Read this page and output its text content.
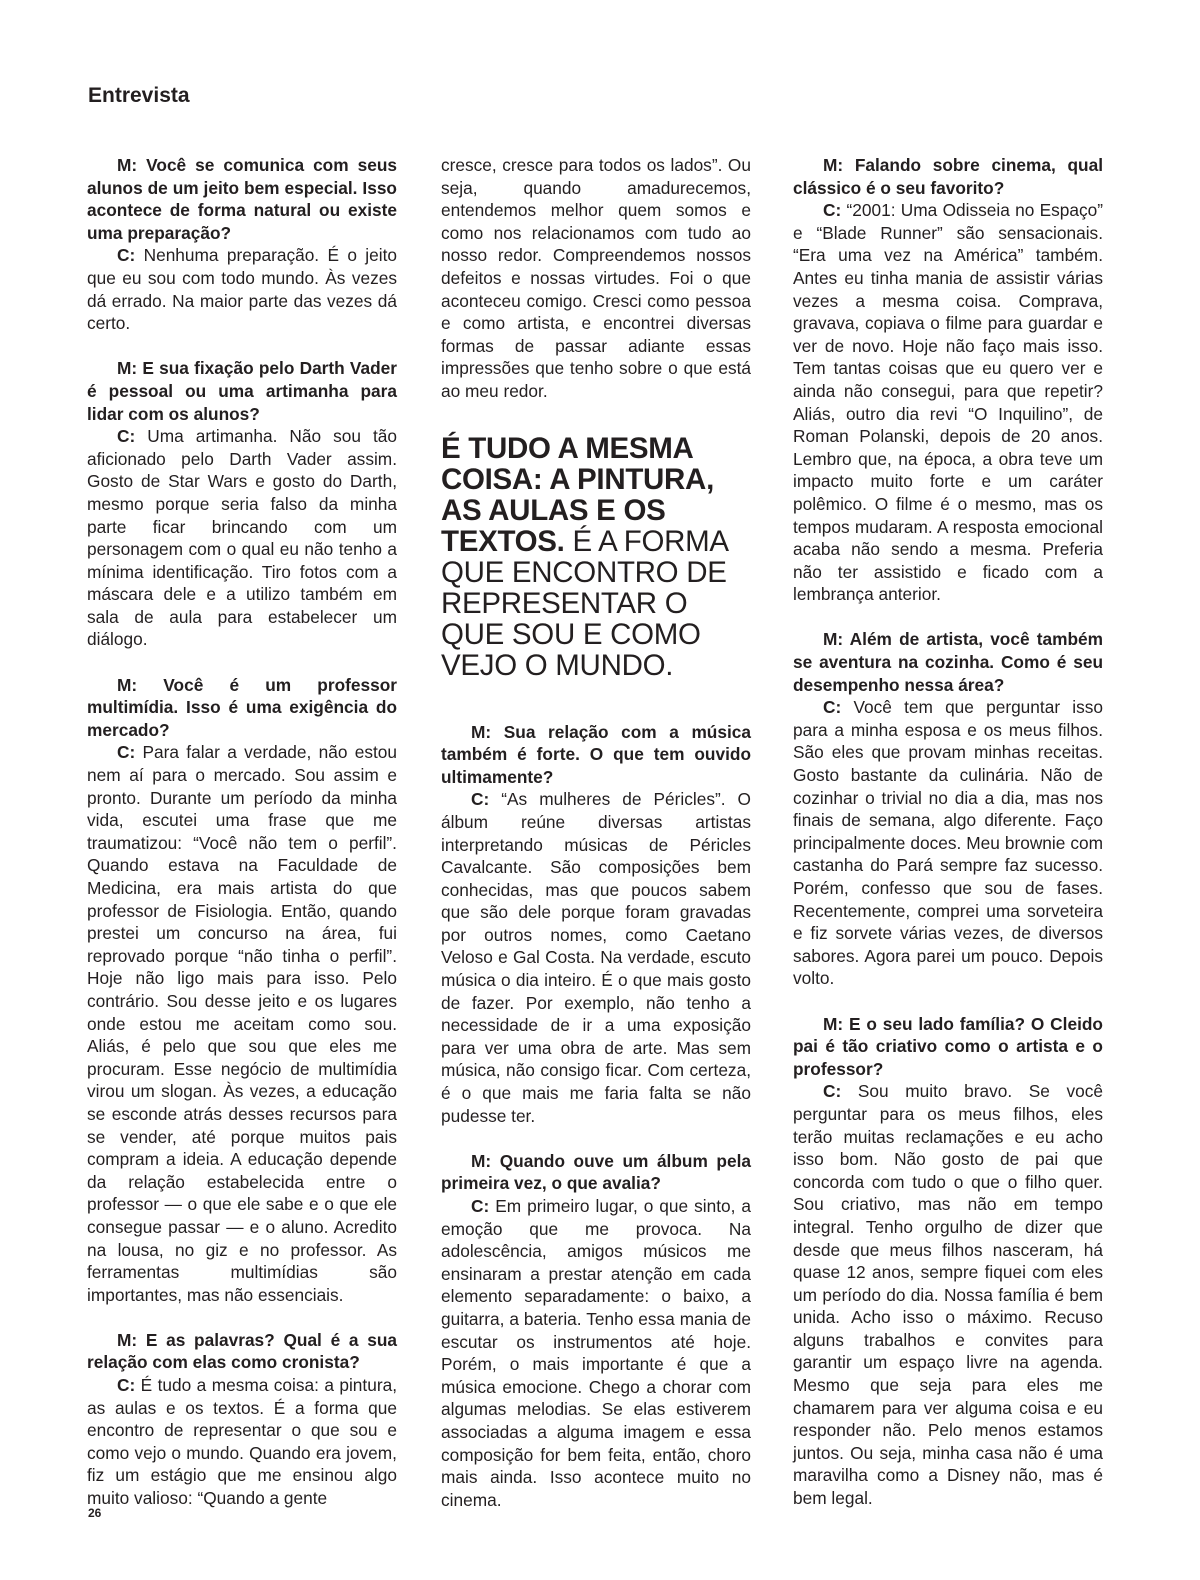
Entrevista

M: Você se comunica com seus alunos de um jeito bem especial. Isso acontece de forma natural ou existe uma preparação?

C: Nenhuma preparação. É o jeito que eu sou com todo mundo. Às vezes dá errado. Na maior parte das vezes dá certo.

M: E sua fixação pelo Darth Vader é pessoal ou uma artimanha para lidar com os alunos?

C: Uma artimanha. Não sou tão aficionado pelo Darth Vader assim. Gosto de Star Wars e gosto do Darth, mesmo porque seria falso da minha parte ficar brincando com um personagem com o qual eu não tenho a mínima identificação. Tiro fotos com a máscara dele e a utilizo também em sala de aula para estabelecer um diálogo.

M: Você é um professor multimídia. Isso é uma exigência do mercado?

C: Para falar a verdade, não estou nem aí para o mercado. Sou assim e pronto. Durante um período da minha vida, escutei uma frase que me traumatizou: “Você não tem o perfil”. Quando estava na Faculdade de Medicina, era mais artista do que professor de Fisiologia. Então, quando prestei um concurso na área, fui reprovado porque “não tinha o perfil”. Hoje não ligo mais para isso. Pelo contrário. Sou desse jeito e os lugares onde estou me aceitam como sou. Aliás, é pelo que sou que eles me procuram. Esse negócio de multimídia virou um slogan. Às vezes, a educação se esconde atrás desses recursos para se vender, até porque muitos pais compram a ideia. A educação depende da relação estabelecida entre o professor — o que ele sabe e o que ele consegue passar — e o aluno. Acredito na lousa, no giz e no professor. As ferramentas multimídias são importantes, mas não essenciais.

M: E as palavras? Qual é a sua relação com elas como cronista?

C: É tudo a mesma coisa: a pintura, as aulas e os textos. É a forma que encontro de representar o que sou e como vejo o mundo. Quando era jovem, fiz um estágio que me ensinou algo muito valioso: “Quando a gente

cresce, cresce para todos os lados”. Ou seja, quando amadurecemos, entendemos melhor quem somos e como nos relacionamos com tudo ao nosso redor. Compreendemos nossos defeitos e nossas virtudes. Foi o que aconteceu comigo. Cresci como pessoa e como artista, e encontrei diversas formas de passar adiante essas impressões que tenho sobre o que está ao meu redor.

É TUDO A MESMA COISA: A PINTURA, AS AULAS E OS TEXTOS. É A FORMA QUE ENCONTRO DE REPRESENTAR O QUE SOU E COMO VEJO O MUNDO.

M: Sua relação com a música também é forte. O que tem ouvido ultimamente?

C: “As mulheres de Péricles”. O álbum reúne diversas artistas interpretando músicas de Péricles Cavalcante. São composições bem conhecidas, mas que poucos sabem que são dele porque foram gravadas por outros nomes, como Caetano Veloso e Gal Costa. Na verdade, escuto música o dia inteiro. É o que mais gosto de fazer. Por exemplo, não tenho a necessidade de ir a uma exposição para ver uma obra de arte. Mas sem música, não consigo ficar. Com certeza, é o que mais me faria falta se não pudesse ter.

M: Quando ouve um álbum pela primeira vez, o que avalia?

C: Em primeiro lugar, o que sinto, a emoção que me provoca. Na adolescência, amigos músicos me ensinaram a prestar atenção em cada elemento separadamente: o baixo, a guitarra, a bateria. Tenho essa mania de escutar os instrumentos até hoje. Porém, o mais importante é que a música emocione. Chego a chorar com algumas melodias. Se elas estiverem associadas a alguma imagem e essa composição for bem feita, então, choro mais ainda. Isso acontece muito no cinema.

M: Falando sobre cinema, qual clássico é o seu favorito?

C: “2001: Uma Odisseia no Espaço” e “Blade Runner” são sensacionais. “Era uma vez na América” também. Antes eu tinha mania de assistir várias vezes a mesma coisa. Comprava, gravava, copiava o filme para guardar e ver de novo. Hoje não faço mais isso. Tem tantas coisas que eu quero ver e ainda não consegui, para que repetir? Aliás, outro dia revi “O Inquilino”, de Roman Polanski, depois de 20 anos. Lembro que, na época, a obra teve um impacto muito forte e um caráter polêmico. O filme é o mesmo, mas os tempos mudaram. A resposta emocional acaba não sendo a mesma. Preferia não ter assistido e ficado com a lembrança anterior.

M: Além de artista, você também se aventura na cozinha. Como é seu desempenho nessa área?

C: Você tem que perguntar isso para a minha esposa e os meus filhos. São eles que provam minhas receitas. Gosto bastante da culinária. Não de cozinhar o trivial no dia a dia, mas nos finais de semana, algo diferente. Faço principalmente doces. Meu brownie com castanha do Pará sempre faz sucesso. Porém, confesso que sou de fases. Recentemente, comprei uma sorveteira e fiz sorvete várias vezes, de diversos sabores. Agora parei um pouco. Depois volto.

M: E o seu lado família? O Cleido pai é tão criativo como o artista e o professor?

C: Sou muito bravo. Se você perguntar para os meus filhos, eles terão muitas reclamações e eu acho isso bom. Não gosto de pai que concorda com tudo o que o filho quer. Sou criativo, mas não em tempo integral. Tenho orgulho de dizer que desde que meus filhos nasceram, há quase 12 anos, sempre fiquei com eles um período do dia. Nossa família é bem unida. Acho isso o máximo. Recuso alguns trabalhos e convites para garantir um espaço livre na agenda. Mesmo que seja para eles me chamarem para ver alguma coisa e eu responder não. Pelo menos estamos juntos. Ou seja, minha casa não é uma maravilha como a Disney não, mas é bem legal.

26
